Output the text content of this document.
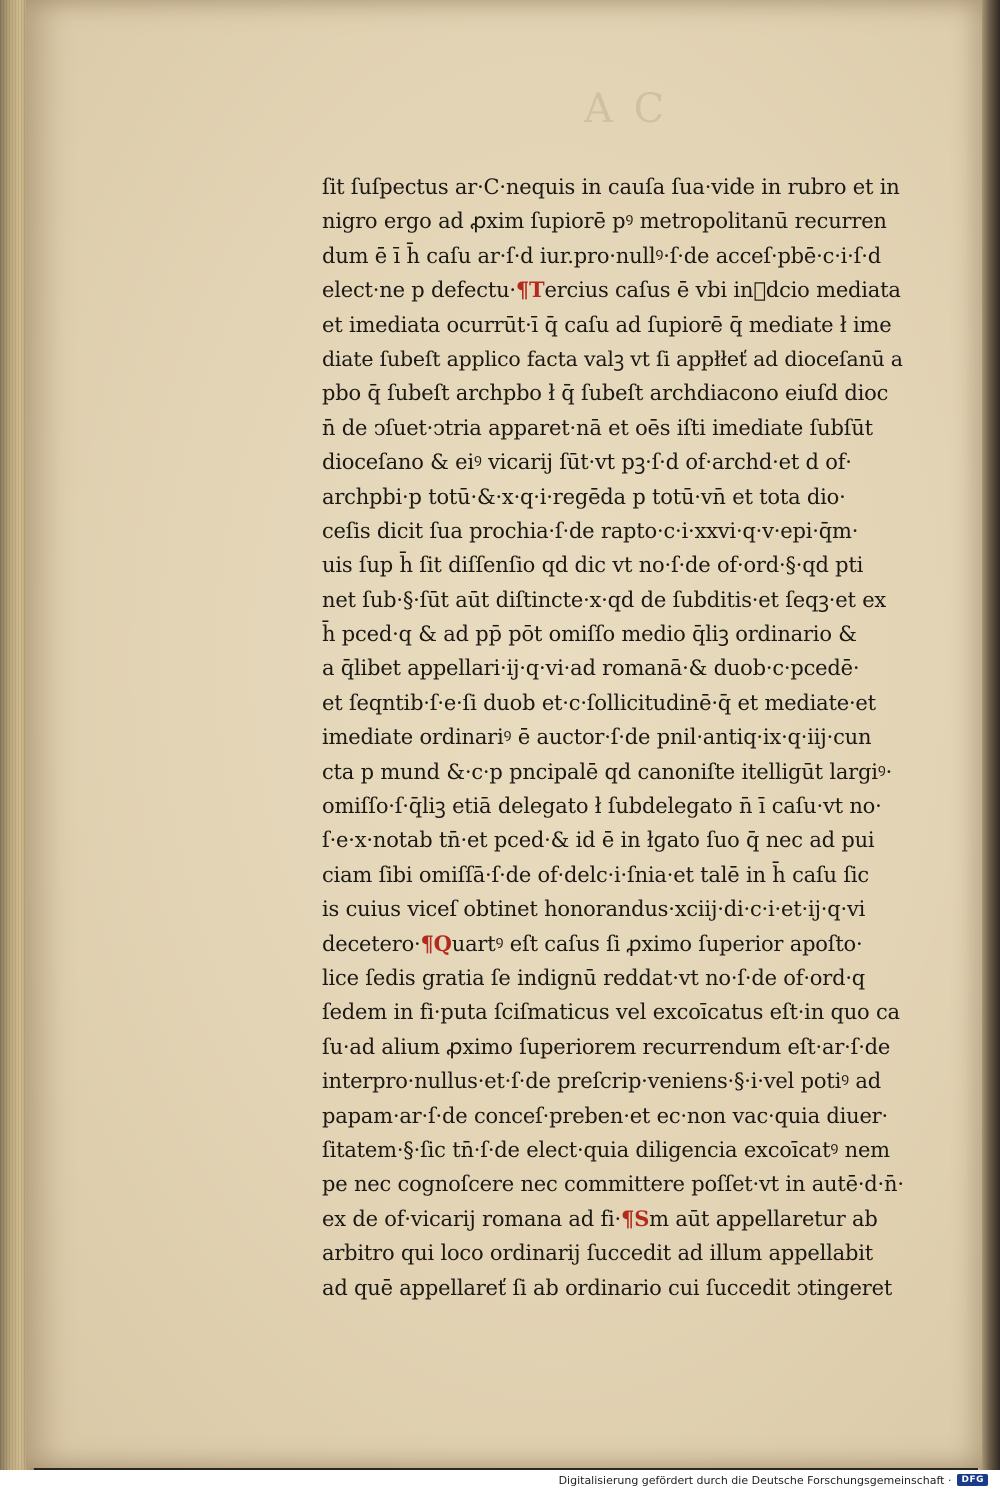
A C
ſit ſuſpectus ar·C·nequis in cauſa ſua·vide in rubro et in
nigro ergo ad ꝓxim ſupiorē pꝰ metropolitanū recurren
dum ē ī h̄ caſu ar·ſ·d iur.pro·nullꝰ·ſ·de acceſ·pbē·c·i·ſ·d
elect·ne p defectu·¶Tercius caſus ē vbi inᷓdcio mediata
et imediata ocurrūt·ī q̄ caſu ad ſupiorē q̄ mediate ł ime
diate ſubeſt applico facta valꝫ vt ſi appłłeť ad dioceſanū a
pbo q̄ ſubeſt archpbo ł q̄ ſubeſt archdiacono eiuſd dioc
n̄ de ↄſuet·ↄtria apparet·nā et oēs iſti imediate ſubſūt
dioceſano & eiꝰ vicarij ſūt·vt pꝫ·ſ·d of·archd·et d of·
archpbi·p totū·&·x·q·i·regēda p totū·vn̄ et tota dio·
ceſis dicit ſua prochia·ſ·de rapto·c·i·xxvi·q·v·epi·q̄m·
uis ſup h̄ ſit diſſenſio qd dic vt no·ſ·de of·ord·§·qd pti
net ſub·§·ſūt aūt diſtincte·x·qd de ſubditis·et ſeqꝫ·et ex
h̄ pced·q & ad pp̄ pōt omiſſo medio q̄liꝫ ordinario &
a q̄libet appellari·ij·q·vi·ad romanā·& duob·c·pcedē·
et ſeqntib·ſ·e·ſi duob et·c·ſollicitudinē·q̄ et mediate·et
imediate ordinariꝰ ē auctor·ſ·de pnil·antiq·ix·q·iij·cun
cta p mund &·c·p pncipalē qd canoniſte itelligūt largiꝰ·
omiſſo·ſ·q̄liꝫ etiā delegato ł ſubdelegato n̄ ī caſu·vt no·
ſ·e·x·notab tn̄·et pced·& id ē in łgato ſuo q̄ nec ad pui
ciam ſibi omiſſā·ſ·de of·delc·i·ſnia·et talē in h̄ caſu ſic
is cuius viceſ obtinet honorandus·xciij·di·c·i·et·ij·q·vi
decetero·¶Quartꝰ eſt caſus ſi ꝓximo ſuperior apoſto·
lice ſedis gratia ſe indignū reddat·vt no·ſ·de of·ord·q
ſedem in fi·puta ſciſmaticus vel excoīcatus eſt·in quo ca
ſu·ad alium ꝓximo ſuperiorem recurrendum eſt·ar·ſ·de
interpro·nullus·et·ſ·de preſcrip·veniens·§·i·vel potiꝰ ad
papam·ar·ſ·de conceſ·preben·et ec·non vac·quia diuer·
ſitatem·§·ſic tn̄·ſ·de elect·quia diligencia excoīcatꝰ nem
pe nec cognoſcere nec committere poſſet·vt in autē·d·n̄·
ex de of·vicarij romana ad fi·¶Sm aūt appellaretur ab
arbitro qui loco ordinarij ſuccedit ad illum appellabit
ad quē appellareť ſi ab ordinario cui ſuccedit ↄtingeret
Digitalisierung gefördert durch die Deutsche Forschungsgemeinschaft ·	DFG
